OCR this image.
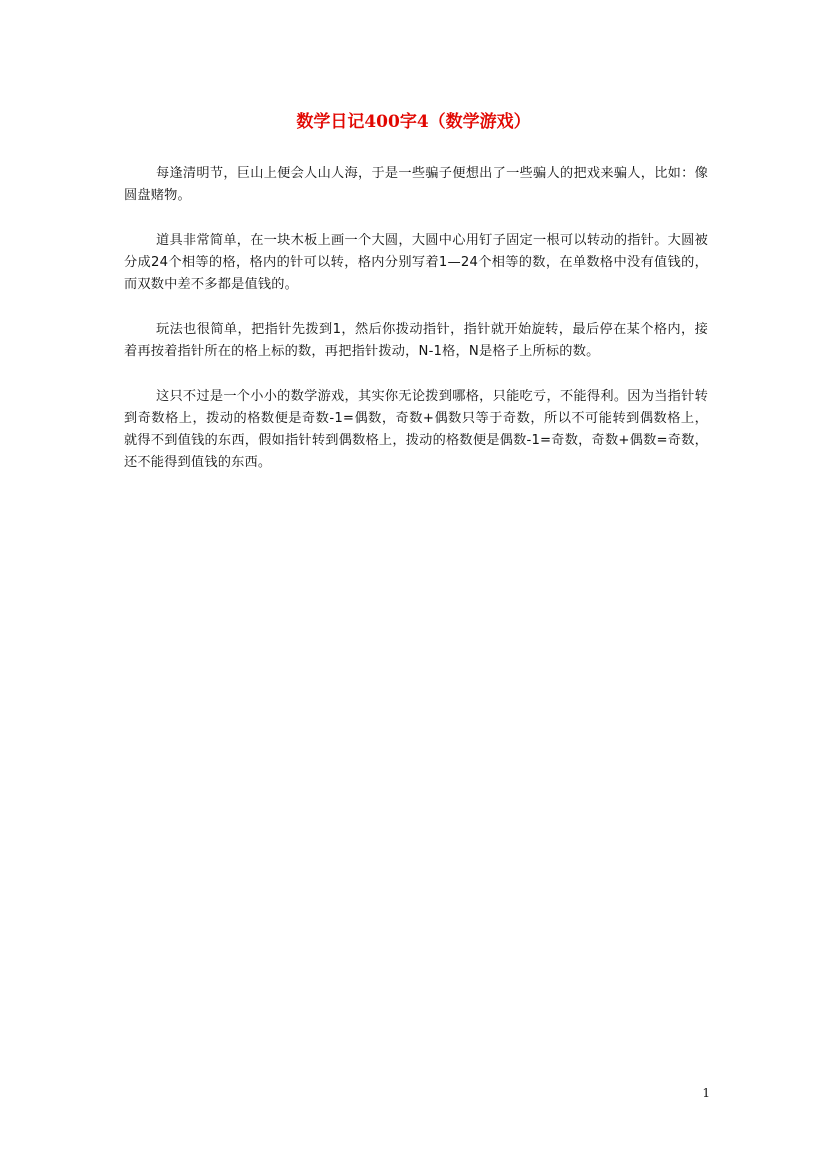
数学日记400字4（数学游戏）

每逢清明节，巨山上便会人山人海，于是一些骗子便想出了一些骗人的把戏来骗人，比如：像圆盘赌物。

道具非常简单，在一块木板上画一个大圆，大圆中心用钉子固定一根可以转动的指针。大圆被分成24个相等的格，格内的针可以转，格内分别写着1—24个相等的数，在单数格中没有值钱的，而双数中差不多都是值钱的。

玩法也很简单，把指针先拨到1，然后你拨动指针，指针就开始旋转，最后停在某个格内，接着再按着指针所在的格上标的数，再把指针拨动，N-1格，N是格子上所标的数。

这只不过是一个小小的数学游戏，其实你无论拨到哪格，只能吃亏，不能得利。因为当指针转到奇数格上，拨动的格数便是奇数-1=偶数，奇数+偶数只等于奇数，所以不可能转到偶数格上，就得不到值钱的东西，假如指针转到偶数格上，拨动的格数便是偶数-1=奇数，奇数+偶数=奇数，还不能得到值钱的东西。

1
